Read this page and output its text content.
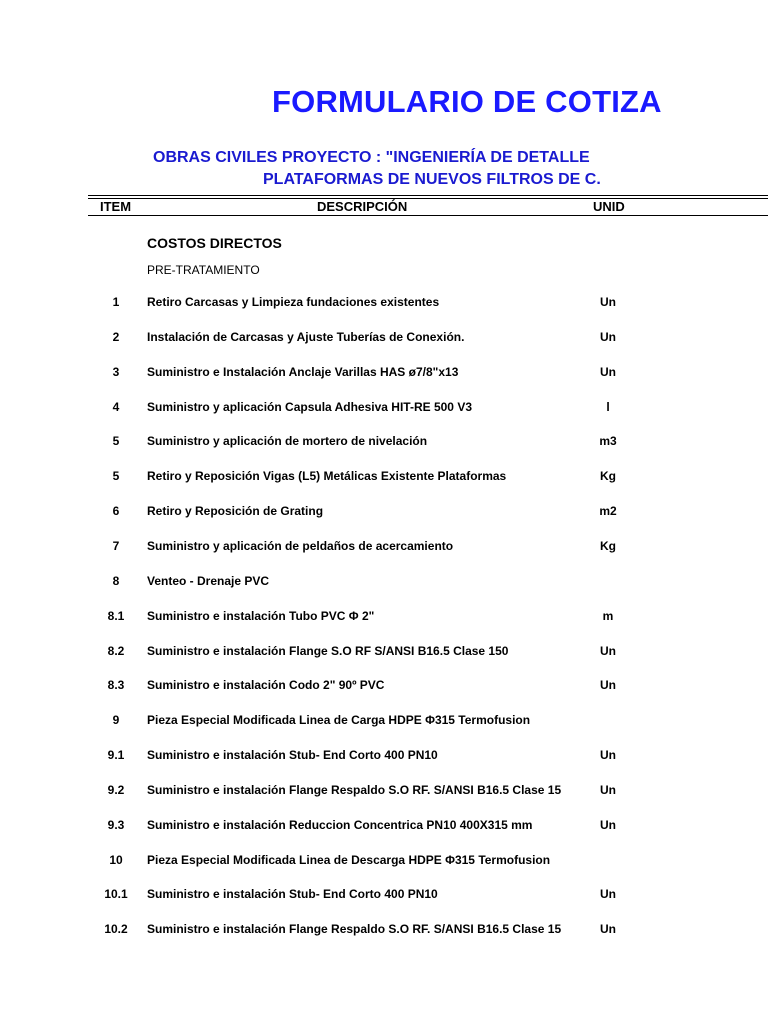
FORMULARIO DE COTIZA
OBRAS CIVILES PROYECTO : "INGENIERÍA DE DETALLE
PLATAFORMAS DE NUEVOS FILTROS DE C.
ITEM	DESCRIPCIÓN	UNID
COSTOS DIRECTOS
PRE-TRATAMIENTO
1	Retiro Carcasas y Limpieza fundaciones existentes	Un
2	Instalación de Carcasas y Ajuste Tuberías de Conexión.	Un
3	Suministro e Instalación Anclaje Varillas HAS ø7/8"x13	Un
4	Suministro y aplicación Capsula Adhesiva HIT-RE 500 V3	l
5	Suministro y aplicación de mortero de nivelación	m3
5	Retiro y Reposición Vigas (L5) Metálicas Existente Plataformas	Kg
6	Retiro y Reposición de Grating	m2
7	Suministro y aplicación de peldaños de acercamiento	Kg
8	Venteo - Drenaje PVC
8.1	Suministro e instalación Tubo PVC Φ 2"	m
8.2	Suministro e instalación Flange S.O RF S/ANSI B16.5 Clase 150	Un
8.3	Suministro e instalación Codo 2" 90º PVC	Un
9	Pieza Especial Modificada Linea de Carga HDPE Φ315 Termofusion
9.1	Suministro e instalación Stub- End Corto 400 PN10	Un
9.2	Suministro e instalación Flange Respaldo S.O RF. S/ANSI B16.5 Clase 15	Un
9.3	Suministro e instalación Reduccion Concentrica PN10 400X315 mm	Un
10	Pieza Especial Modificada Linea de Descarga HDPE Φ315 Termofusion
10.1	Suministro e instalación Stub- End Corto 400 PN10	Un
10.2	Suministro e instalación Flange Respaldo S.O RF. S/ANSI B16.5 Clase 15	Un
